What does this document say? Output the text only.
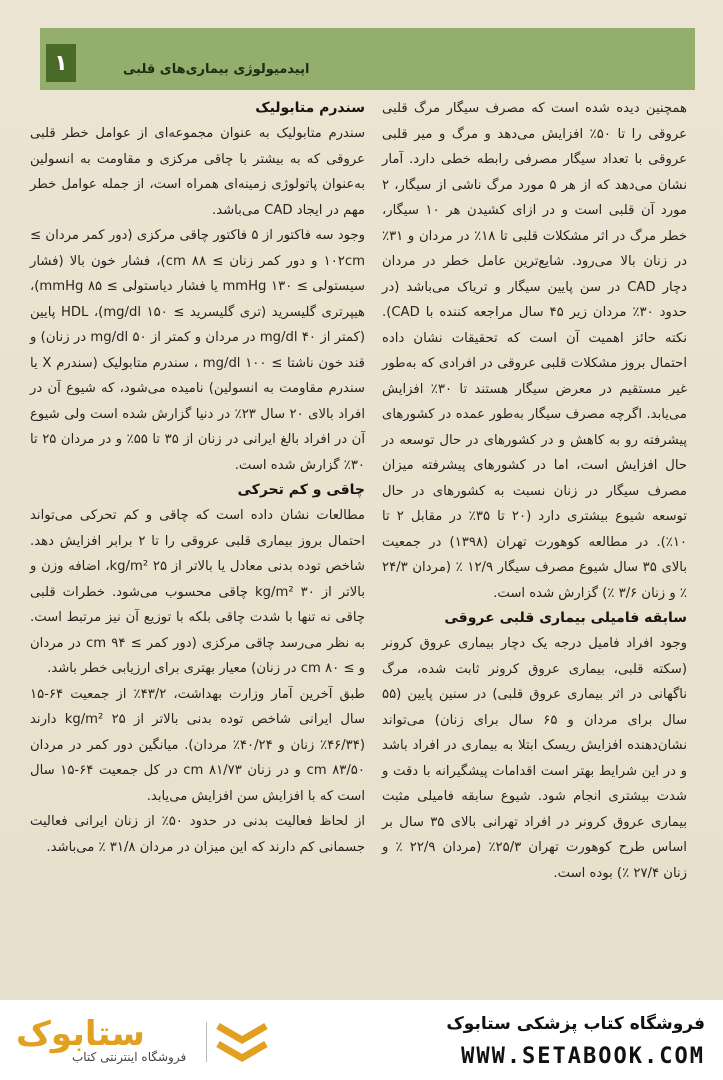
۱	اپیدمیولوژی بیماری‌های قلبی

همچنین دیده شده است که مصرف سیگار مرگ قلبی عروقی را تا ۵۰٪ افزایش می‌دهد و مرگ و میر قلبی عروقی با تعداد سیگار مصرفی رابطه خطی دارد. آمار نشان می‌دهد که از هر ۵ مورد مرگ ناشی از سیگار، ۲ مورد آن قلبی است و در ازای کشیدن هر ۱۰ سیگار، خطر مرگ در اثر مشکلات قلبی تا ۱۸٪ در مردان و ۳۱٪ در زنان بالا می‌رود. شایع‌ترین عامل خطر در مردان دچار CAD در سن پایین سیگار و تریاک می‌باشد (در حدود ۳۰٪ مردان زیر ۴۵ سال مراجعه کننده با CAD). نکته حائز اهمیت آن است که تحقیقات نشان داده احتمال بروز مشکلات قلبی عروقی در افرادی که به‌طور غیر مستقیم در معرض سیگار هستند تا ۳۰٪ افزایش می‌یابد. اگرچه مصرف سیگار به‌طور عمده در کشورهای پیشرفته رو به کاهش و در کشورهای در حال توسعه در حال افزایش است، اما در کشورهای پیشرفته میزان مصرف سیگار در زنان نسبت به کشورهای در حال توسعه شیوع بیشتری دارد (۲۰ تا ۳۵٪ در مقابل ۲ تا ۱۰٪). در مطالعه کوهورت تهران (۱۳۹۸) در جمعیت بالای ۳۵ سال شیوع مصرف سیگار ۱۲/۹ ٪ (مردان ۲۴/۳ ٪ و زنان ۳/۶ ٪) گزارش شده است.

سابقه فامیلی بیماری قلبی عروقی

وجود افراد فامیل درجه یک دچار بیماری عروق کرونر (سکته قلبی، بیماری عروق کرونر ثابت شده، مرگ ناگهانی در اثر بیماری عروق قلبی) در سنین پایین (۵۵ سال برای مردان و ۶۵ سال برای زنان) می‌تواند نشان‌دهنده افزایش ریسک ابتلا به بیماری در افراد باشد و در این شرایط بهتر است اقدامات پیشگیرانه با دقت و شدت بیشتری انجام شود. شیوع سابقه فامیلی مثبت بیماری عروق کرونر در افراد تهرانی بالای ۳۵ سال بر اساس طرح کوهورت تهران ۲۵/۳٪ (مردان ۲۲/۹ ٪ و زنان ۲۷/۴ ٪) بوده است.

سندرم متابولیک

سندرم متابولیک به عنوان مجموعه‌ای از عوامل خطر قلبی عروقی که به بیشتر با چاقی مرکزی و مقاومت به انسولین به‌عنوان پاتولوژی زمینه‌ای همراه است، از جمله عوامل خطر مهم در ایجاد CAD می‌باشد.

وجود سه فاکتور از ۵ فاکتور چاقی مرکزی (دور کمر مردان ≥ ۱۰۲cm و دور کمر زنان ≥ ۸۸ cm)، فشار خون بالا (فشار سیستولی ≥ ۱۳۰ mmHg یا فشار دیاستولی ≥ ۸۵ mmHg)، هیپرتری گلیسرید (تری گلیسرید ≥ ۱۵۰ mg/dl)، HDL پایین (کمتر از ۴۰ mg/dl در مردان و کمتر از ۵۰ mg/dl در زنان) و قند خون ناشتا ≥ ۱۰۰ mg/dl ، سندرم متابولیک (سندرم X یا سندرم مقاومت به انسولین) نامیده می‌شود، که شیوع آن در افراد بالای ۲۰ سال ۲۳٪ در دنیا گزارش شده است ولی شیوع آن در افراد بالغ ایرانی در زنان از ۳۵ تا ۵۵٪ و در مردان ۲۵ تا ۳۰٪ گزارش شده است.

چاقی و کم تحرکی

مطالعات نشان داده است که چاقی و کم تحرکی می‌تواند احتمال بروز بیماری قلبی عروقی را تا ۲ برابر افزایش دهد. شاخص توده بدنی معادل یا بالاتر از ۲۵ kg/m²، اضافه وزن و بالاتر از ۳۰ kg/m² چاقی محسوب می‌شود. خطرات قلبی چاقی نه تنها با شدت چاقی بلکه با توزیع آن نیز مرتبط است. به نظر می‌رسد چاقی مرکزی (دور کمر ≥ ۹۴ cm در مردان و ≥ ۸۰ cm در زنان) معیار بهتری برای ارزیابی خطر باشد.

طبق آخرین آمار وزارت بهداشت، ۴۳/۲٪ از جمعیت ۶۴-۱۵ سال ایرانی شاخص توده بدنی بالاتر از ۲۵ kg/m² دارند (۴۶/۳۴٪ زنان و ۴۰/۲۴٪ مردان). میانگین دور کمر در مردان ۸۳/۵۰ cm و در زنان ۸۱/۷۳ cm در کل جمعیت ۶۴-۱۵ سال است که با افزایش سن افزایش می‌یابد.

از لحاظ فعالیت بدنی در حدود ۵۰٪ از زنان ایرانی فعالیت جسمانی کم دارند که این میزان در مردان ۳۱/۸ ٪ می‌باشد.

ستابوک
فروشگاه اینترنتی کتاب
فروشگاه کتاب پزشکی ستابوک
WWW.SETABOOK.COM
